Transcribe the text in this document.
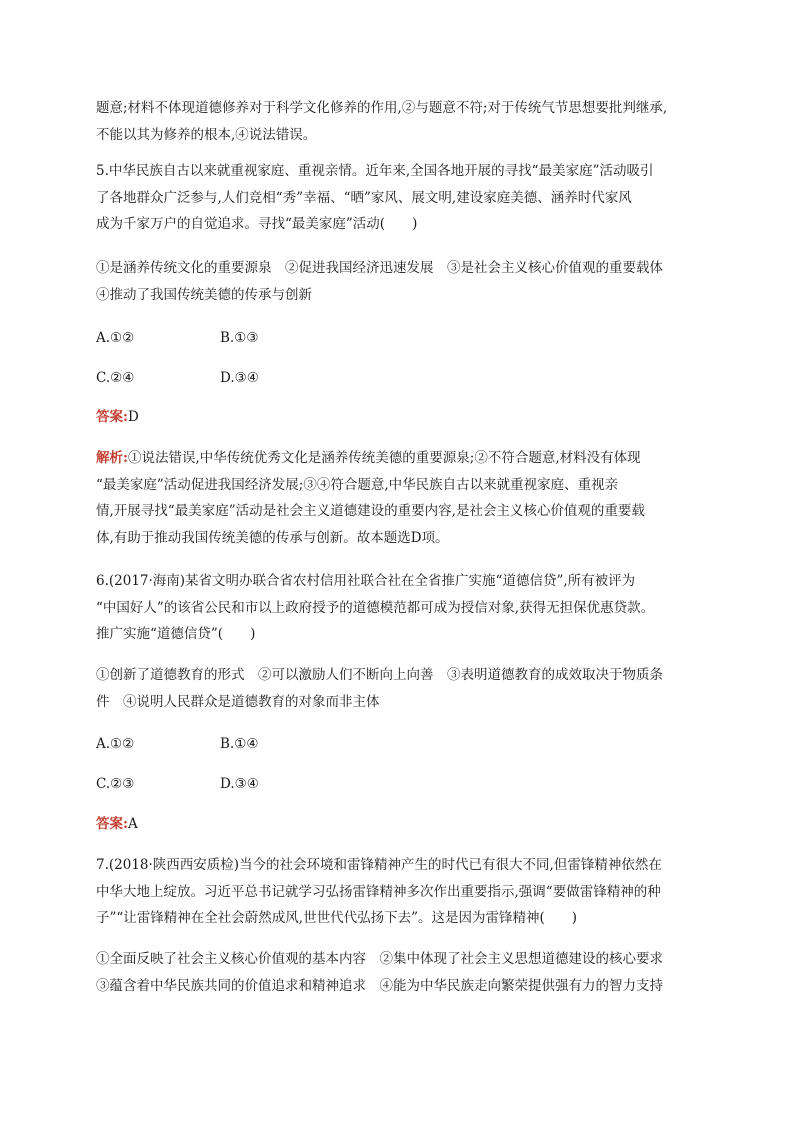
题意;材料不体现道德修养对于科学文化修养的作用,②与题意不符;对于传统气节思想要批判继承,
不能以其为修养的根本,④说法错误。

5.中华民族自古以来就重视家庭、重视亲情。近年来,全国各地开展的寻找“最美家庭”活动吸引
了各地群众广泛参与,人们竞相“秀”幸福、“晒”家风、展文明,建设家庭美德、涵养时代家风
成为千家万户的自觉追求。寻找“最美家庭”活动(　　)

①是涵养传统文化的重要源泉　②促进我国经济迅速发展　③是社会主义核心价值观的重要载体
④推动了我国传统美德的传承与创新

A.①②	B.①③
C.②④	D.③④

答案:D

解析:①说法错误,中华传统优秀文化是涵养传统美德的重要源泉;②不符合题意,材料没有体现
“最美家庭”活动促进我国经济发展;③④符合题意,中华民族自古以来就重视家庭、重视亲
情,开展寻找“最美家庭”活动是社会主义道德建设的重要内容,是社会主义核心价值观的重要载
体,有助于推动我国传统美德的传承与创新。故本题选D项。

6.(2017·海南)某省文明办联合省农村信用社联合社在全省推广实施“道德信贷”,所有被评为
“中国好人”的该省公民和市以上政府授予的道德模范都可成为授信对象,获得无担保优惠贷款。
推广实施“道德信贷”(　　)

①创新了道德教育的形式　②可以激励人们不断向上向善　③表明道德教育的成效取决于物质条
件　④说明人民群众是道德教育的对象而非主体

A.①②	B.①④
C.②③	D.③④

答案:A

7.(2018·陕西西安质检)当今的社会环境和雷锋精神产生的时代已有很大不同,但雷锋精神依然在
中华大地上绽放。习近平总书记就学习弘扬雷锋精神多次作出重要指示,强调“要做雷锋精神的种
子”“让雷锋精神在全社会蔚然成风,世世代代弘扬下去”。这是因为雷锋精神(　　)

①全面反映了社会主义核心价值观的基本内容　②集中体现了社会主义思想道德建设的核心要求
③蕴含着中华民族共同的价值追求和精神追求　④能为中华民族走向繁荣提供强有力的智力支持
